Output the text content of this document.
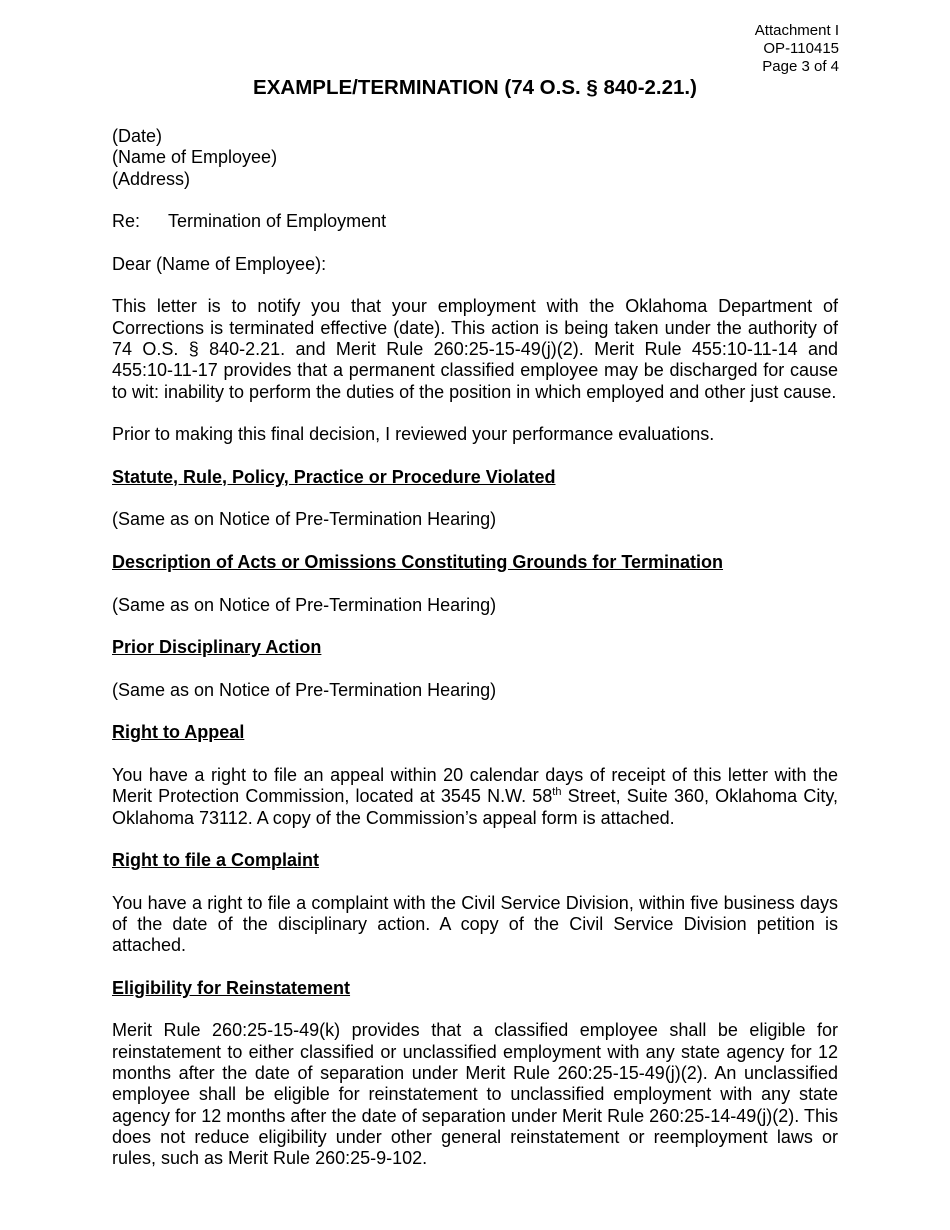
Attachment I
OP-110415
Page 3 of 4
EXAMPLE/TERMINATION (74 O.S. § 840-2.21.)
(Date)
(Name of Employee)
(Address)
Re:	Termination of Employment
Dear (Name of Employee):

This letter is to notify you that your employment with the Oklahoma Department of Corrections is terminated effective (date). This action is being taken under the authority of 74 O.S. § 840-2.21. and Merit Rule 260:25-15-49(j)(2). Merit Rule 455:10-11-14 and 455:10-11-17 provides that a permanent classified employee may be discharged for cause to wit: inability to perform the duties of the position in which employed and other just cause.

Prior to making this final decision, I reviewed your performance evaluations.

Statute, Rule, Policy, Practice or Procedure Violated

(Same as on Notice of Pre-Termination Hearing)

Description of Acts or Omissions Constituting Grounds for Termination

(Same as on Notice of Pre-Termination Hearing)

Prior Disciplinary Action

(Same as on Notice of Pre-Termination Hearing)

Right to Appeal

You have a right to file an appeal within 20 calendar days of receipt of this letter with the Merit Protection Commission, located at 3545 N.W. 58th Street, Suite 360, Oklahoma City, Oklahoma 73112. A copy of the Commission’s appeal form is attached.

Right to file a Complaint

You have a right to file a complaint with the Civil Service Division, within five business days of the date of the disciplinary action. A copy of the Civil Service Division petition is attached.

Eligibility for Reinstatement

Merit Rule 260:25-15-49(k) provides that a classified employee shall be eligible for reinstatement to either classified or unclassified employment with any state agency for 12 months after the date of separation under Merit Rule 260:25-15-49(j)(2). An unclassified employee shall be eligible for reinstatement to unclassified employment with any state agency for 12 months after the date of separation under Merit Rule 260:25-14-49(j)(2). This does not reduce eligibility under other general reinstatement or reemployment laws or rules, such as Merit Rule 260:25-9-102.
